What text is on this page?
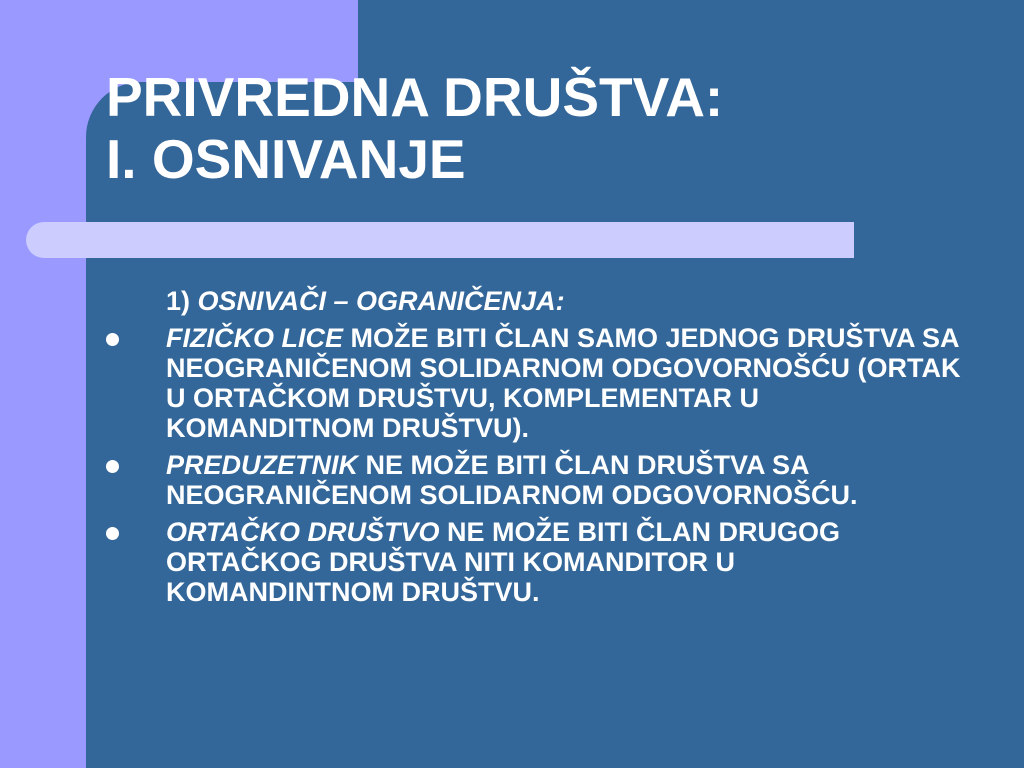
PRIVREDNA DRUŠTVA:
I. OSNIVANJE

1) OSNIVAČI – OGRANIČENJA:

FIZIČKO LICE MOŽE BITI ČLAN SAMO JEDNOG DRUŠTVA SA NEOGRANIČENOM SOLIDARNOM ODGOVORNOŠĆU (ORTAK U ORTAČKOM DRUŠTVU, KOMPLEMENTAR U KOMANDITNOM DRUŠTVU).

PREDUZETNIK NE MOŽE BITI ČLAN DRUŠTVA SA NEOGRANIČENOM SOLIDARNOM ODGOVORNOŠĆU.

ORTAČKO DRUŠTVO NE MOŽE BITI ČLAN DRUGOG ORTAČKOG DRUŠTVA NITI KOMANDITOR U KOMANDINTNOM DRUŠTVU.
